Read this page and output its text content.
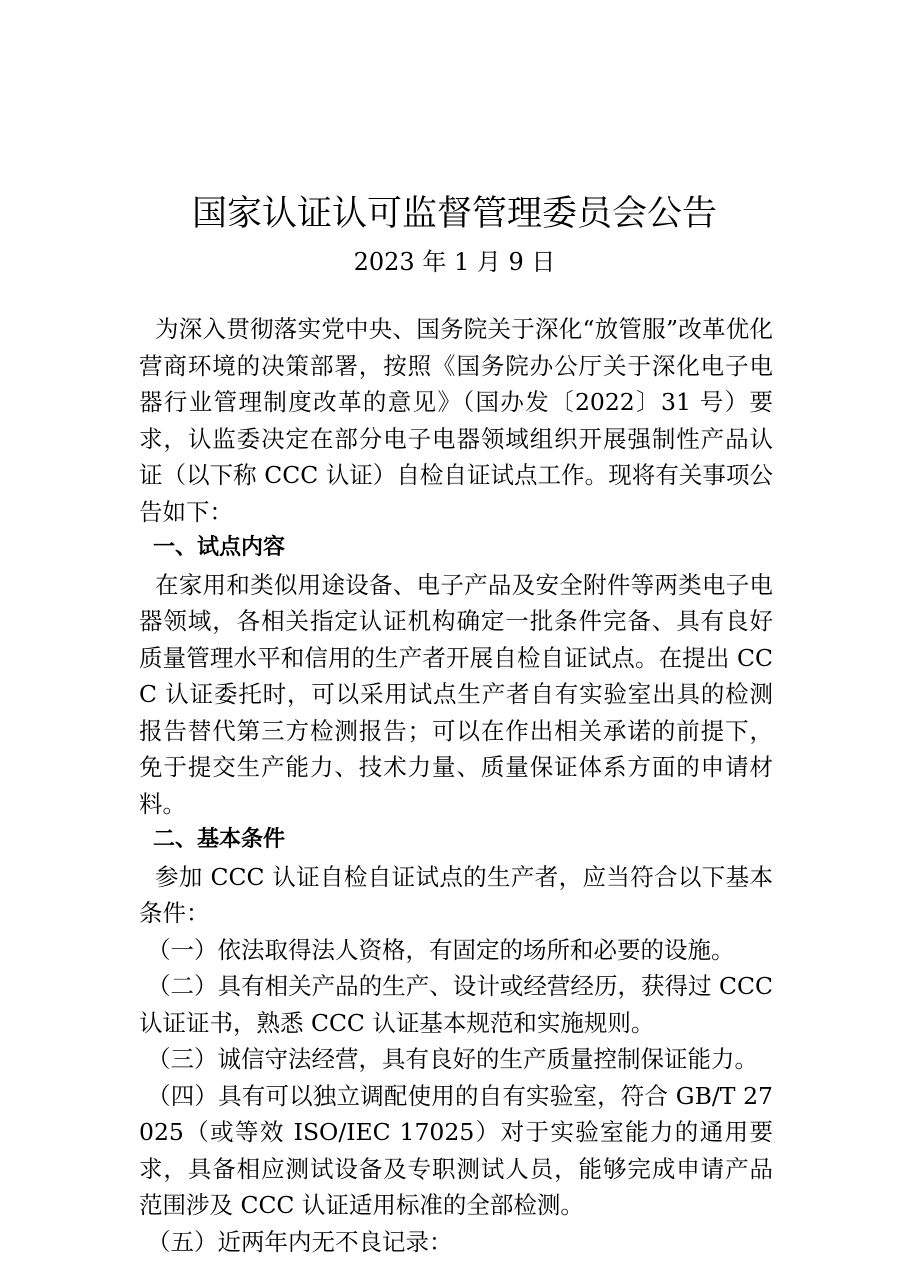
国家认证认可监督管理委员会公告
2023 年 1 月 9 日

为深入贯彻落实党中央、国务院关于深化“放管服”改革优化营商环境的决策部署，按照《国务院办公厅关于深化电子电器行业管理制度改革的意见》（国办发〔2022〕31 号）要求，认监委决定在部分电子电器领域组织开展强制性产品认证（以下称 CCC 认证）自检自证试点工作。现将有关事项公告如下：

一、试点内容

在家用和类似用途设备、电子产品及安全附件等两类电子电器领域，各相关指定认证机构确定一批条件完备、具有良好质量管理水平和信用的生产者开展自检自证试点。在提出 CCC 认证委托时，可以采用试点生产者自有实验室出具的检测报告替代第三方检测报告；可以在作出相关承诺的前提下，免于提交生产能力、技术力量、质量保证体系方面的申请材料。

二、基本条件

参加 CCC 认证自检自证试点的生产者，应当符合以下基本条件：

（一）依法取得法人资格，有固定的场所和必要的设施。

（二）具有相关产品的生产、设计或经营经历，获得过 CCC 认证证书，熟悉 CCC 认证基本规范和实施规则。

（三）诚信守法经营，具有良好的生产质量控制保证能力。

（四）具有可以独立调配使用的自有实验室，符合 GB/T 27025（或等效 ISO/IEC 17025）对于实验室能力的通用要求，具备相应测试设备及专职测试人员，能够完成申请产品范围涉及 CCC 认证适用标准的全部检测。

（五）近两年内无不良记录：
